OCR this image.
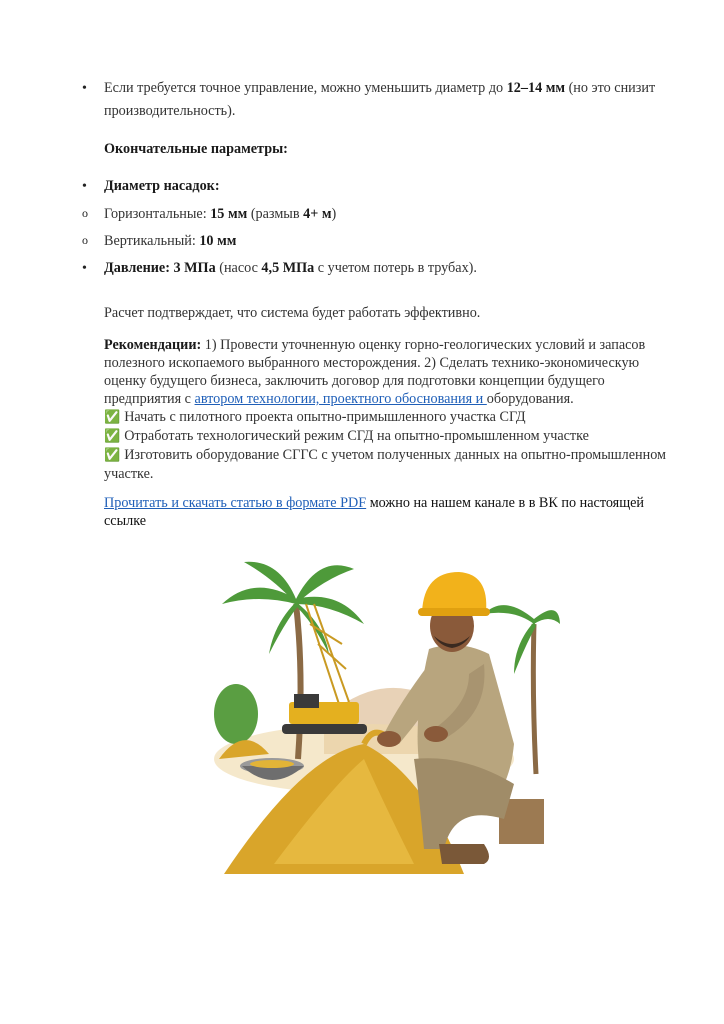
• Если требуется точное управление, можно уменьшить диаметр до 12–14 мм (но это снизит производительность).
Окончательные параметры:
• Диаметр насадок:
o Горизонтальные: 15 мм (размыв 4+ м)
o Вертикальный: 10 мм
• Давление: 3 МПа (насос 4,5 МПа с учетом потерь в трубах).
Расчет подтверждает, что система будет работать эффективно.
Рекомендации: 1) Провести уточненную оценку горно-геологических условий и запасов полезного ископаемого выбранного месторождения. 2) Сделать технико-экономическую оценку будущего бизнеса, заключить договор для подготовки концепции будущего предприятия с автором технологии, проектного обоснования и оборудования.
✅ Начать с пилотного проекта опытно-примышленного участка СГД
✅ Отработать технологический режим СГД на опытно-промышленном участке
✅ Изготовить оборудование СГГС с учетом полученных данных на опытно-промышленном участке.
Прочитать и скачать статью в формате PDF можно на нашем канале в в ВК по настоящей ссылке
